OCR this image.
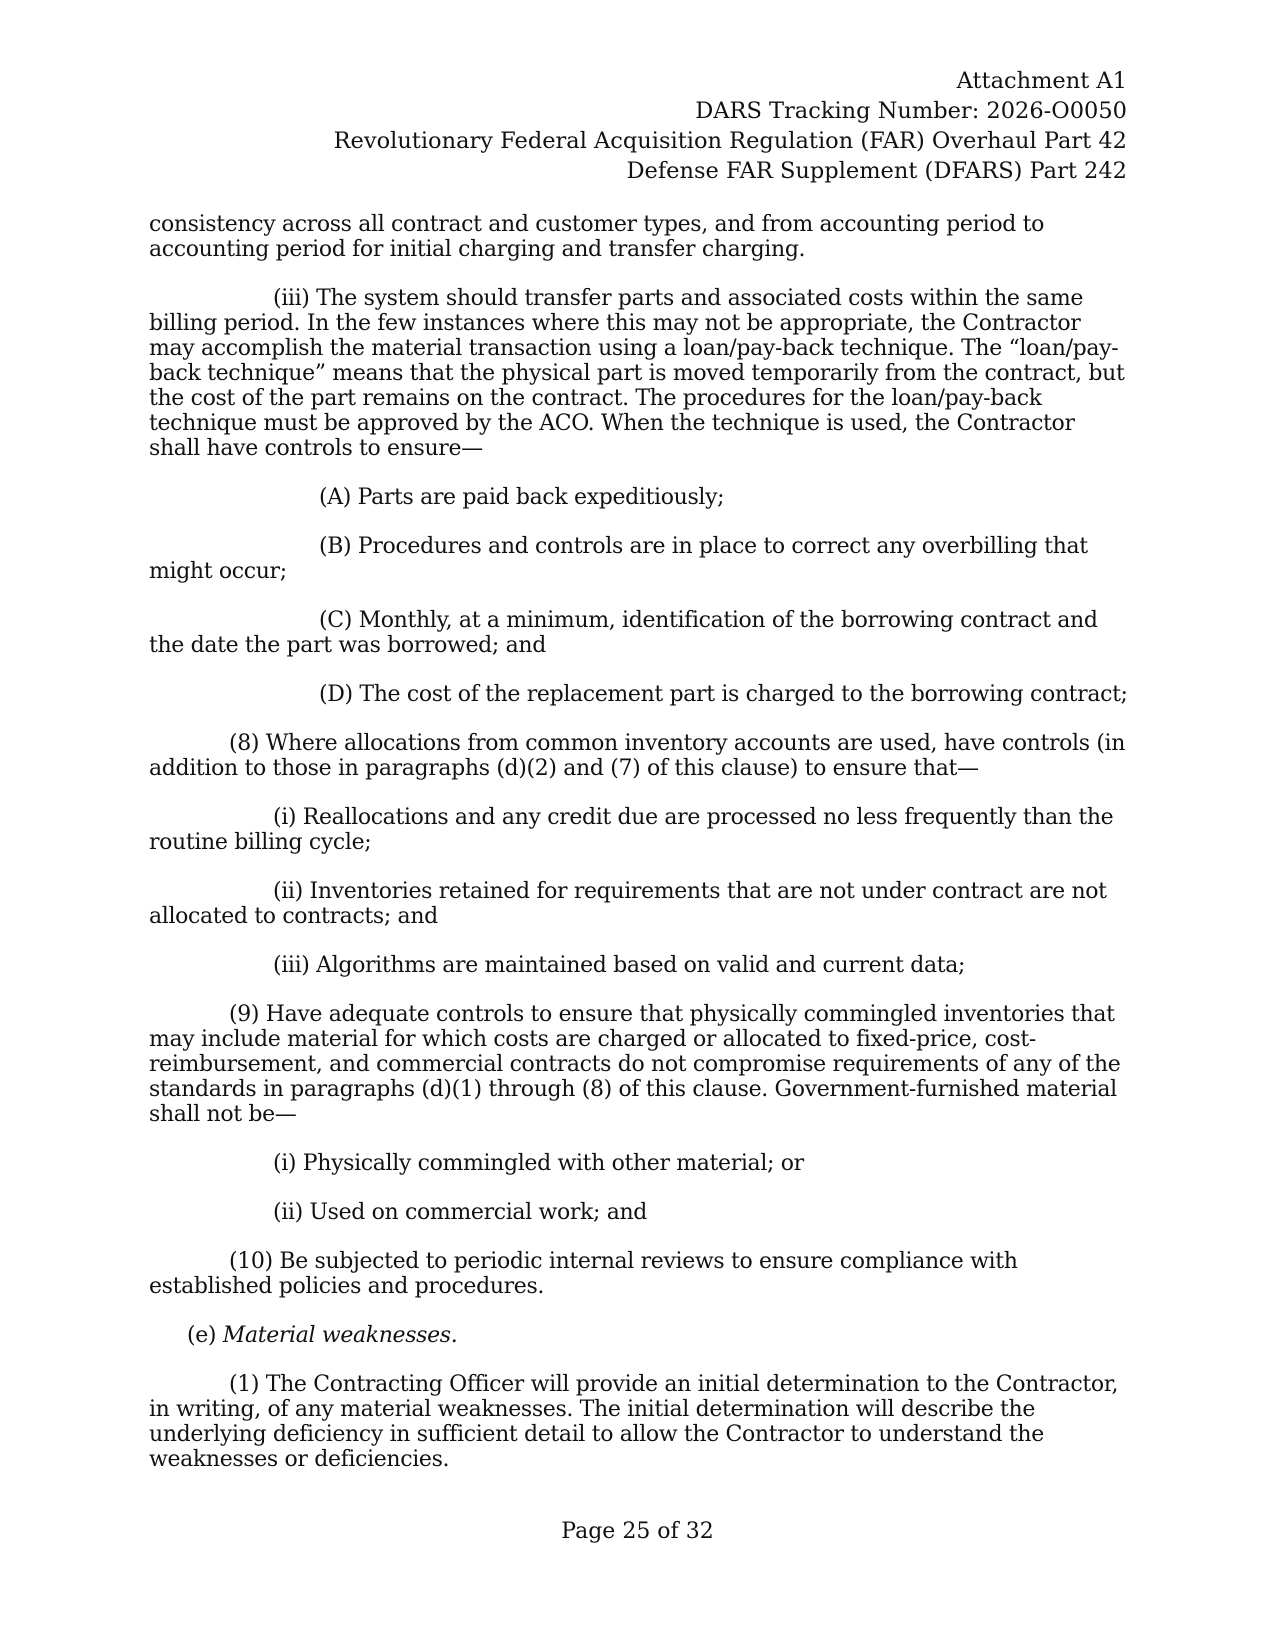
Attachment A1
DARS Tracking Number: 2026-O0050
Revolutionary Federal Acquisition Regulation (FAR) Overhaul Part 42
Defense FAR Supplement (DFARS) Part 242

consistency across all contract and customer types, and from accounting period to accounting period for initial charging and transfer charging.

(iii) The system should transfer parts and associated costs within the same billing period. In the few instances where this may not be appropriate, the Contractor may accomplish the material transaction using a loan/pay-back technique. The “loan/pay-back technique” means that the physical part is moved temporarily from the contract, but the cost of the part remains on the contract. The procedures for the loan/pay-back technique must be approved by the ACO. When the technique is used, the Contractor shall have controls to ensure—

(A) Parts are paid back expeditiously;

(B) Procedures and controls are in place to correct any overbilling that might occur;

(C) Monthly, at a minimum, identification of the borrowing contract and the date the part was borrowed; and

(D) The cost of the replacement part is charged to the borrowing contract;

(8) Where allocations from common inventory accounts are used, have controls (in addition to those in paragraphs (d)(2) and (7) of this clause) to ensure that—

(i) Reallocations and any credit due are processed no less frequently than the routine billing cycle;

(ii) Inventories retained for requirements that are not under contract are not allocated to contracts; and

(iii) Algorithms are maintained based on valid and current data;

(9) Have adequate controls to ensure that physically commingled inventories that may include material for which costs are charged or allocated to fixed-price, cost-reimbursement, and commercial contracts do not compromise requirements of any of the standards in paragraphs (d)(1) through (8) of this clause. Government-furnished material shall not be—

(i) Physically commingled with other material; or

(ii) Used on commercial work; and

(10) Be subjected to periodic internal reviews to ensure compliance with established policies and procedures.

(e) Material weaknesses.

(1) The Contracting Officer will provide an initial determination to the Contractor, in writing, of any material weaknesses. The initial determination will describe the underlying deficiency in sufficient detail to allow the Contractor to understand the weaknesses or deficiencies.

Page 25 of 32
